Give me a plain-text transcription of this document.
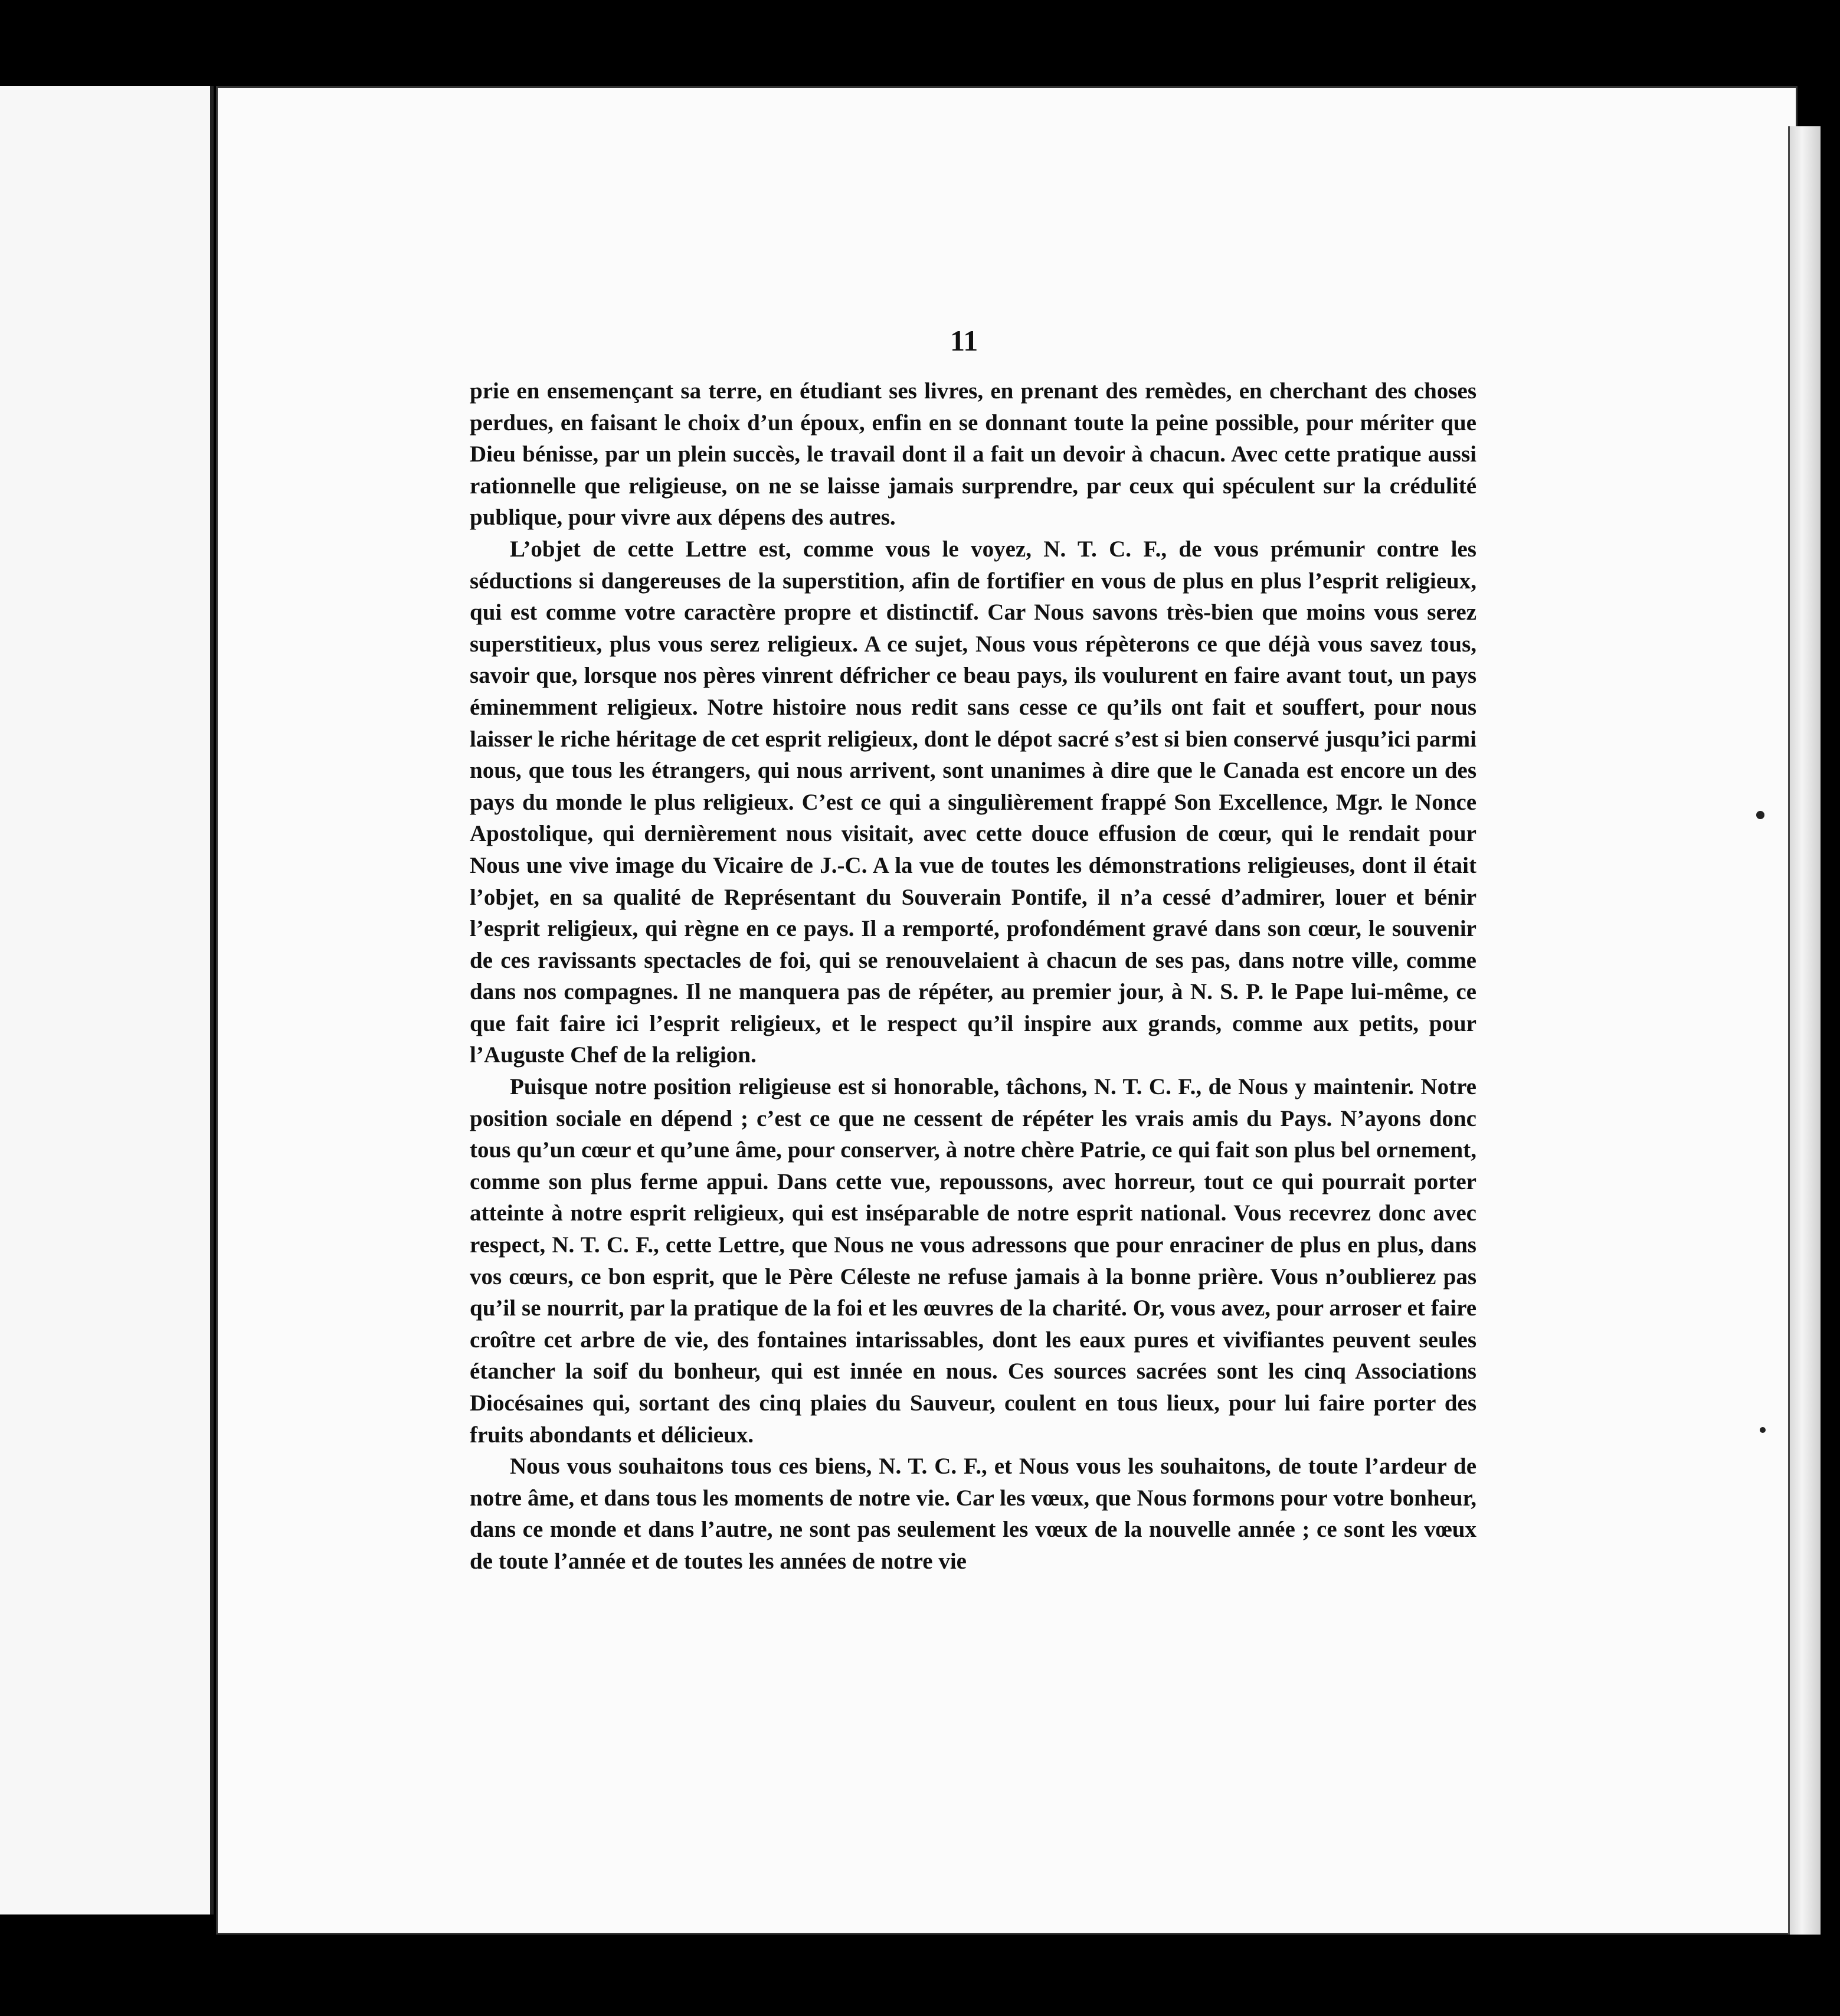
11

prie en ensemençant sa terre, en étudiant ses livres, en prenant des remèdes, en cherchant des choses perdues, en faisant le choix d’un époux, enfin en se donnant toute la peine possible, pour mériter que Dieu bénisse, par un plein succès, le travail dont il a fait un devoir à chacun. Avec cette pratique aussi rationnelle que religieuse, on ne se laisse jamais surprendre, par ceux qui spéculent sur la crédulité publique, pour vivre aux dépens des autres.

L’objet de cette Lettre est, comme vous le voyez, N. T. C. F., de vous prémunir contre les séductions si dangereuses de la superstition, afin de fortifier en vous de plus en plus l’esprit religieux, qui est comme votre caractère propre et distinctif. Car Nous savons très-bien que moins vous serez superstitieux, plus vous serez religieux. A ce sujet, Nous vous répèterons ce que déjà vous savez tous, savoir que, lorsque nos pères vinrent défricher ce beau pays, ils voulurent en faire avant tout, un pays éminemment religieux. Notre histoire nous redit sans cesse ce qu’ils ont fait et souffert, pour nous laisser le riche héritage de cet esprit religieux, dont le dépot sacré s’est si bien conservé jusqu’ici parmi nous, que tous les étrangers, qui nous arrivent, sont unanimes à dire que le Canada est encore un des pays du monde le plus religieux. C’est ce qui a singulièrement frappé Son Excellence, Mgr. le Nonce Apostolique, qui dernièrement nous visitait, avec cette douce effusion de cœur, qui le rendait pour Nous une vive image du Vicaire de J.-C. A la vue de toutes les démonstrations religieuses, dont il était l’objet, en sa qualité de Représentant du Souverain Pontife, il n’a cessé d’admirer, louer et bénir l’esprit religieux, qui règne en ce pays. Il a remporté, profondément gravé dans son cœur, le souvenir de ces ravissants spectacles de foi, qui se renouvelaient à chacun de ses pas, dans notre ville, comme dans nos compagnes. Il ne manquera pas de répéter, au premier jour, à N. S. P. le Pape lui-même, ce que fait faire ici l’esprit religieux, et le respect qu’il inspire aux grands, comme aux petits, pour l’Auguste Chef de la religion.

Puisque notre position religieuse est si honorable, tâchons, N. T. C. F., de Nous y maintenir. Notre position sociale en dépend ; c’est ce que ne cessent de répéter les vrais amis du Pays. N’ayons donc tous qu’un cœur et qu’une âme, pour conserver, à notre chère Patrie, ce qui fait son plus bel ornement, comme son plus ferme appui. Dans cette vue, repoussons, avec horreur, tout ce qui pourrait porter atteinte à notre esprit religieux, qui est inséparable de notre esprit national. Vous recevrez donc avec respect, N. T. C. F., cette Lettre, que Nous ne vous adressons que pour enraciner de plus en plus, dans vos cœurs, ce bon esprit, que le Père Céleste ne refuse jamais à la bonne prière. Vous n’oublierez pas qu’il se nourrit, par la pratique de la foi et les œuvres de la charité. Or, vous avez, pour arroser et faire croître cet arbre de vie, des fontaines intarissables, dont les eaux pures et vivifiantes peuvent seules étancher la soif du bonheur, qui est innée en nous. Ces sources sacrées sont les cinq Associations Diocésaines qui, sortant des cinq plaies du Sauveur, coulent en tous lieux, pour lui faire porter des fruits abondants et délicieux.

Nous vous souhaitons tous ces biens, N. T. C. F., et Nous vous les souhaitons, de toute l’ardeur de notre âme, et dans tous les moments de notre vie. Car les vœux, que Nous formons pour votre bonheur, dans ce monde et dans l’autre, ne sont pas seulement les vœux de la nouvelle année ; ce sont les vœux de toute l’année et de toutes les années de notre vie
